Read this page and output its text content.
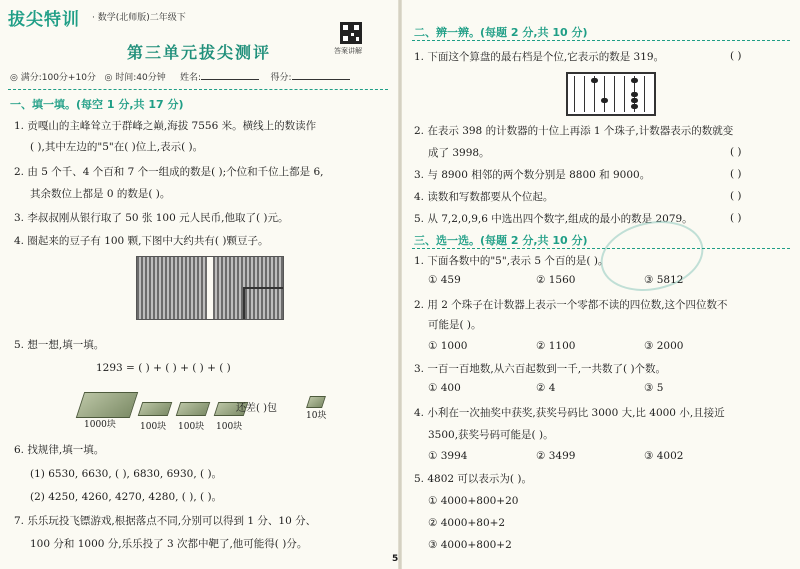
拔尖特训 · 数学(北师版)二年级下
答案讲解
第三单元拔尖测评
◎ 满分:100分+10分 ◎ 时间:40分钟 姓名:	得分:
一、填一填。(每空 1 分,共 17 分)
1. 贡嘎山的主峰耸立于群峰之巅,海拔 7556 米。横线上的数读作
( ),其中左边的"5"在( )位上,表示( )。
2. 由 5 个千、4 个百和 7 个一组成的数是( );个位和千位上都是 6,
其余数位上都是 0 的数是( )。
3. 李叔叔刚从银行取了 50 张 100 元人民币,他取了( )元。
4. 圈起来的豆子有 100 颗,下图中大约共有( )颗豆子。
5. 想一想,填一填。
1293 = ( ) + ( ) + ( ) + ( )
1000块	100块 100块 100块
还差( )包
10块
6. 找规律,填一填。
(1) 6530, 6630, ( ), 6830, 6930, ( )。
(2) 4250, 4260, 4270, 4280, ( ), ( )。
7. 乐乐玩投飞镖游戏,根据落点不同,分别可以得到 1 分、10 分、
100 分和 1000 分,乐乐投了 3 次都中靶了,他可能得( )分。
二、辨一辨。(每题 2 分,共 10 分)
1. 下面这个算盘的最右档是个位,它表示的数是 319。	( )
2. 在表示 398 的计数器的十位上再添 1 个珠子,计数器表示的数就变
成了 3998。	( )
3. 与 8900 相邻的两个数分别是 8800 和 9000。	( )
4. 读数和写数都要从个位起。	( )
5. 从 7,2,0,9,6 中选出四个数字,组成的最小的数是 2079。	( )
三、选一选。(每题 2 分,共 10 分)
1. 下面各数中的"5",表示 5 个百的是( )。
① 459	② 1560	③ 5812
2. 用 2 个珠子在计数器上表示一个零都不读的四位数,这个四位数不
可能是( )。
① 1000	② 1100	③ 2000
3. 一百一百地数,从六百起数到一千,一共数了( )个数。
① 400	② 4	③ 5
4. 小利在一次抽奖中获奖,获奖号码比 3000 大,比 4000 小,且接近
3500,获奖号码可能是( )。
① 3994	② 3499	③ 4002
5. 4802 可以表示为( )。
① 4000+800+20
② 4000+80+2
③ 4000+800+2
5
